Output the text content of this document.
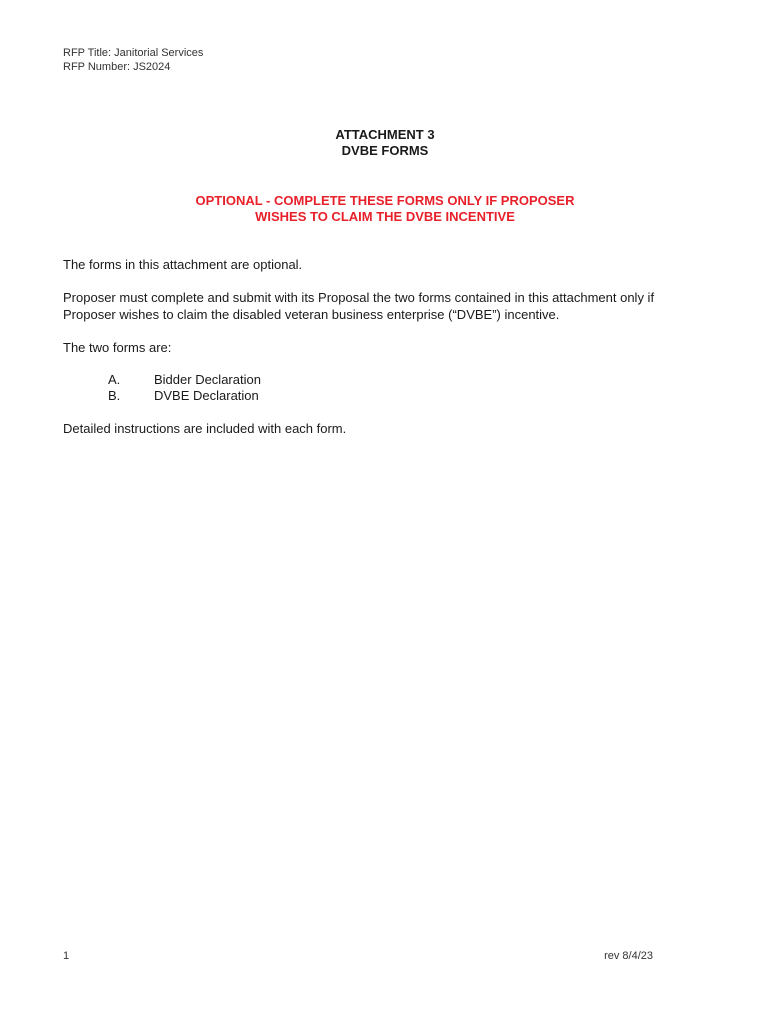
RFP Title: Janitorial Services
RFP Number: JS2024
ATTACHMENT 3
DVBE FORMS
OPTIONAL - COMPLETE THESE FORMS ONLY IF PROPOSER
WISHES TO CLAIM THE DVBE INCENTIVE
The forms in this attachment are optional.
Proposer must complete and submit with its Proposal the two forms contained in this attachment only if
Proposer wishes to claim the disabled veteran business enterprise (“DVBE”) incentive.
The two forms are:
A.	Bidder Declaration
B.	DVBE Declaration
Detailed instructions are included with each form.
1	rev 8/4/23
